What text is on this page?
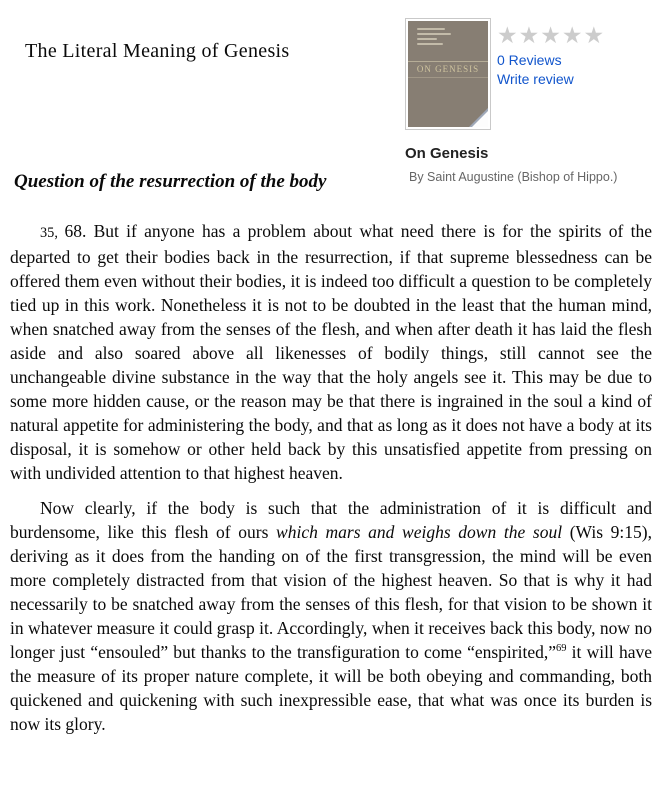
The Literal Meaning of Genesis
ON GENESIS
★★★★★
0 Reviews
Write review
On Genesis
By Saint Augustine (Bishop of Hippo.)
Question of the resurrection of the body

35, 68. But if anyone has a problem about what need there is for the spirits of the departed to get their bodies back in the resurrection, if that supreme blessedness can be offered them even without their bodies, it is indeed too difficult a question to be completely tied up in this work. Nonetheless it is not to be doubted in the least that the human mind, when snatched away from the senses of the flesh, and when after death it has laid the flesh aside and also soared above all likenesses of bodily things, still cannot see the unchangeable divine substance in the way that the holy angels see it. This may be due to some more hidden cause, or the reason may be that there is ingrained in the soul a kind of natural appetite for administering the body, and that as long as it does not have a body at its disposal, it is somehow or other held back by this unsatisfied appetite from pressing on with undivided attention to that highest heaven.

Now clearly, if the body is such that the administration of it is difficult and burdensome, like this flesh of ours which mars and weighs down the soul (Wis 9:15), deriving as it does from the handing on of the first transgression, the mind will be even more completely distracted from that vision of the highest heaven. So that is why it had necessarily to be snatched away from the senses of this flesh, for that vision to be shown it in whatever measure it could grasp it. Accordingly, when it receives back this body, now no longer just “ensouled” but thanks to the transfiguration to come “enspirited,”$^{69}$ it will have the measure of its proper nature complete, it will be both obeying and commanding, both quickened and quickening with such inexpressible ease, that what was once its burden is now its glory.
